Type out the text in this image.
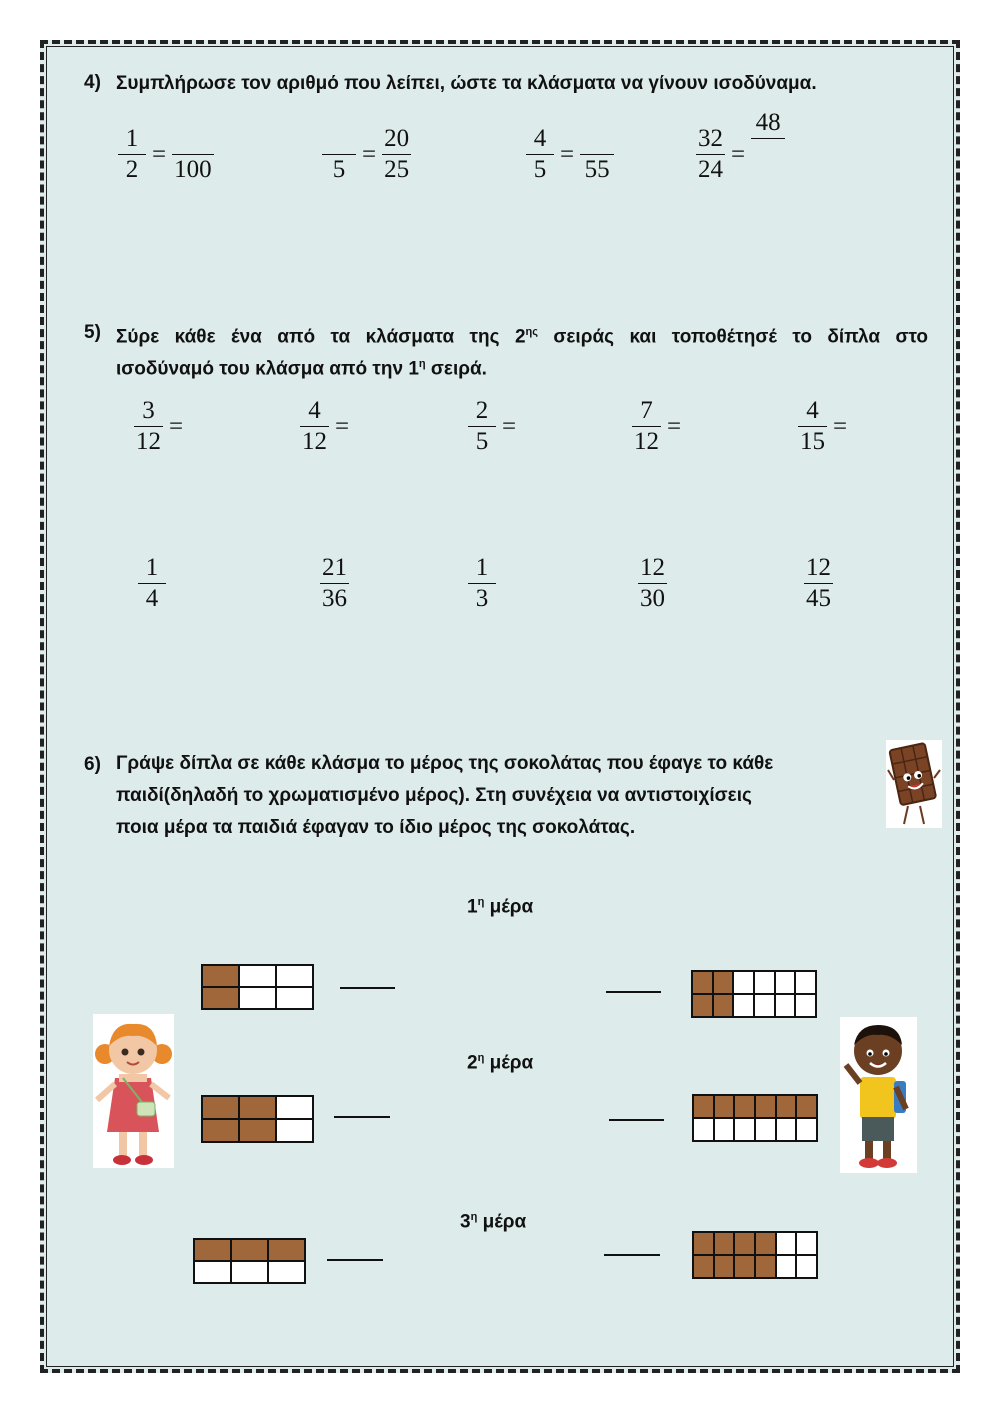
4) Συμπλήρωσε τον αριθμό που λείπει, ώστε τα κλάσματα να γίνουν ισοδύναμα.
1
2
=
100	5
=
20
25
4
5
=
55
32
24
=
48
5) Σύρε κάθε ένα από τα κλάσματα της $2^{\eta\varsigma}$ σειράς και τοποθέτησέ το δίπλα στο
ισοδύναμό του κλάσμα από την $1^\eta$ σειρά.
3
12
=
4
12
=
2
5
=
7
12
=
4
15
=
1
4
21
36
1
3
12
30
12
45
6) Γράψε δίπλα σε κάθε κλάσμα το μέρος της σοκολάτας που έφαγε το κάθε
παιδί(δηλαδή το χρωματισμένο μέρος). Στη συνέχεια να αντιστοιχίσεις
ποια μέρα τα παιδιά έφαγαν το ίδιο μέρος της σοκολάτας.
$1^\eta$ μέρα
$2^\eta$ μέρα
$3^\eta$ μέρα
